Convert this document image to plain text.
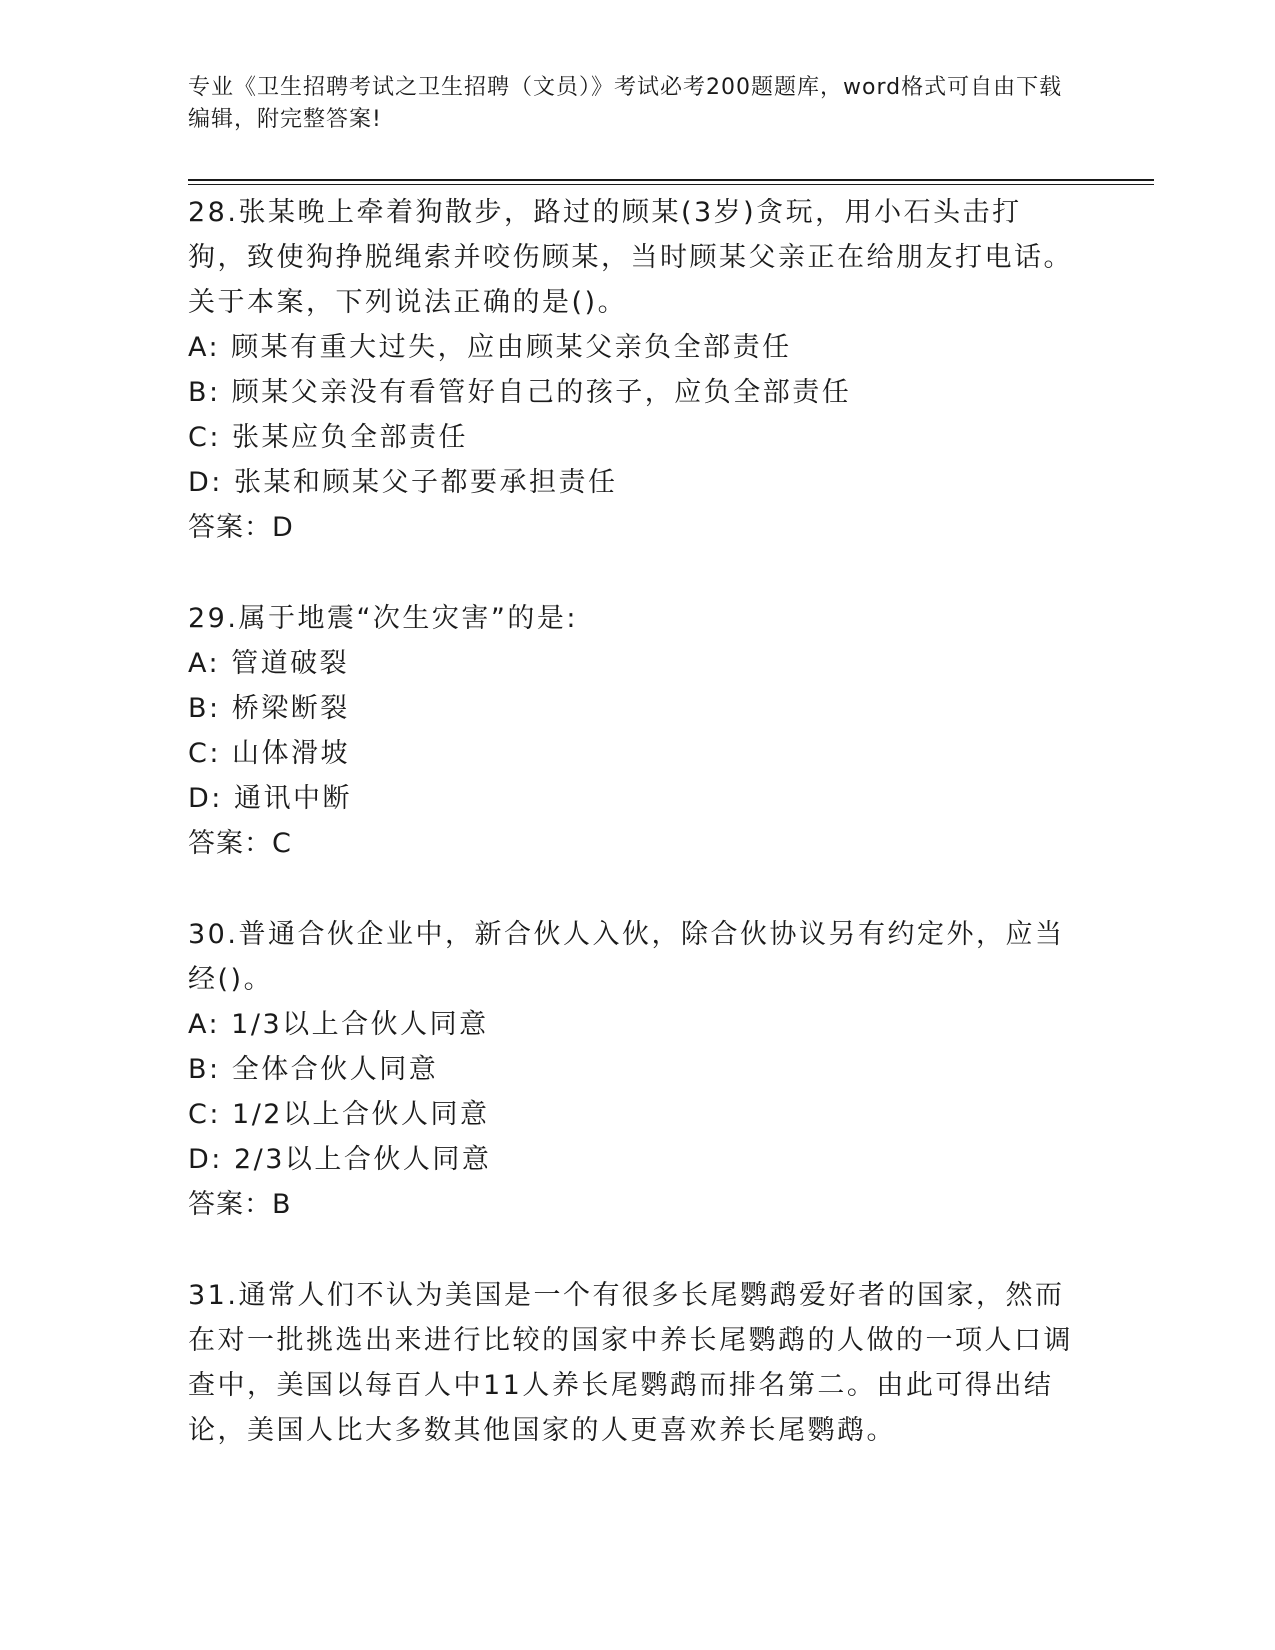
专业《卫生招聘考试之卫生招聘（文员）》考试必考200题题库，word格式可自由下载编辑，附完整答案!

28.张某晚上牵着狗散步，路过的顾某(3岁)贪玩，用小石头击打狗，致使狗挣脱绳索并咬伤顾某，当时顾某父亲正在给朋友打电话。关于本案，下列说法正确的是()。

A: 顾某有重大过失，应由顾某父亲负全部责任

B: 顾某父亲没有看管好自己的孩子，应负全部责任

C: 张某应负全部责任

D: 张某和顾某父子都要承担责任

答案：D

29.属于地震“次生灾害”的是:

A: 管道破裂

B: 桥梁断裂

C: 山体滑坡

D: 通讯中断

答案：C

30.普通合伙企业中，新合伙人入伙，除合伙协议另有约定外，应当经()。

A: 1/3以上合伙人同意

B: 全体合伙人同意

C: 1/2以上合伙人同意

D: 2/3以上合伙人同意

答案：B

31.通常人们不认为美国是一个有很多长尾鹦鹉爱好者的国家，然而在对一批挑选出来进行比较的国家中养长尾鹦鹉的人做的一项人口调查中，美国以每百人中11人养长尾鹦鹉而排名第二。由此可得出结论，美国人比大多数其他国家的人更喜欢养长尾鹦鹉。
